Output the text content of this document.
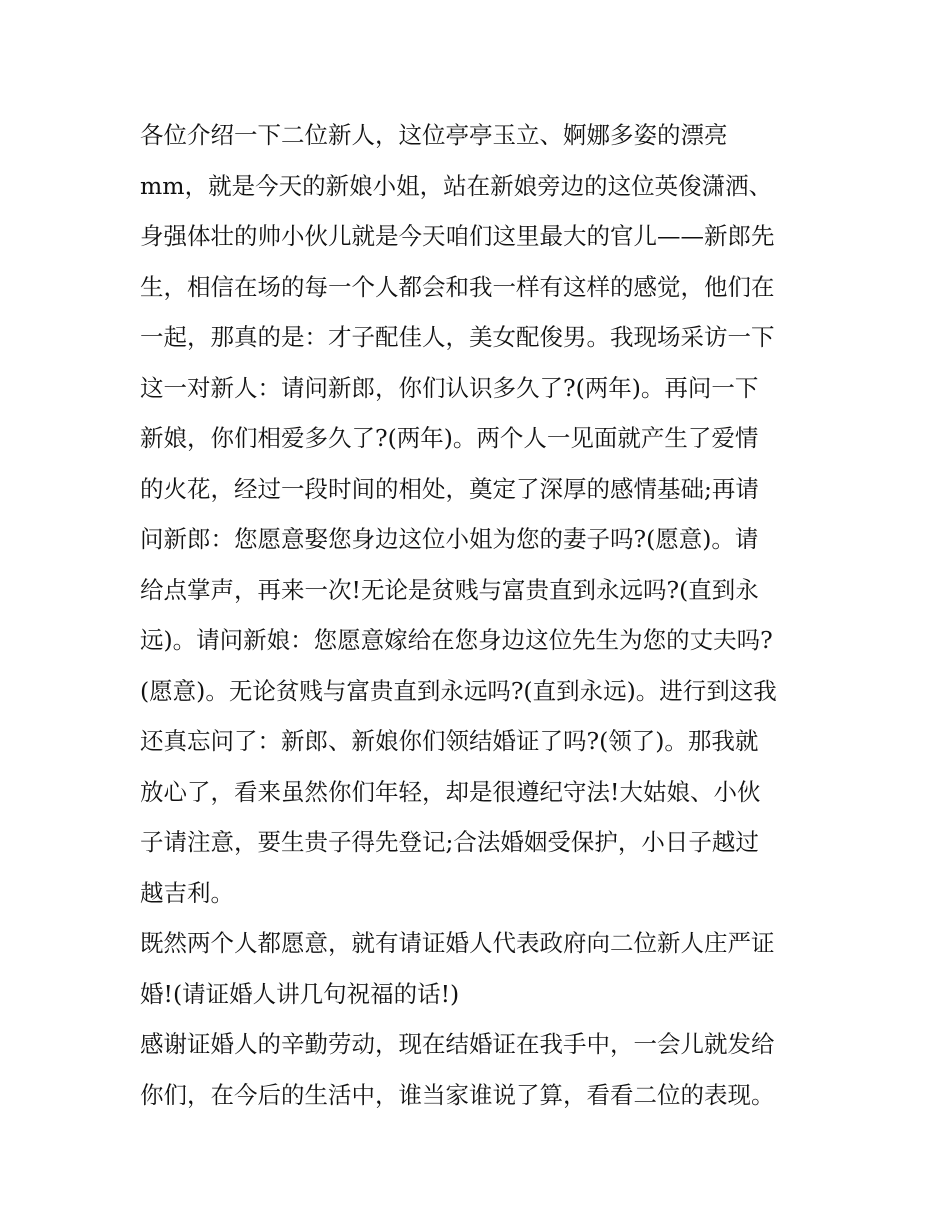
各位介绍一下二位新人，这位亭亭玉立、婀娜多姿的漂亮
mm，就是今天的新娘小姐，站在新娘旁边的这位英俊潇洒、
身强体壮的帅小伙儿就是今天咱们这里最大的官儿——新郎先
生，相信在场的每一个人都会和我一样有这样的感觉，他们在
一起，那真的是：才子配佳人，美女配俊男。我现场采访一下
这一对新人：请问新郎，你们认识多久了?(两年)。再问一下
新娘，你们相爱多久了?(两年)。两个人一见面就产生了爱情
的火花，经过一段时间的相处，奠定了深厚的感情基础;再请
问新郎：您愿意娶您身边这位小姐为您的妻子吗?(愿意)。请
给点掌声，再来一次!无论是贫贱与富贵直到永远吗?(直到永
远)。请问新娘：您愿意嫁给在您身边这位先生为您的丈夫吗?
(愿意)。无论贫贱与富贵直到永远吗?(直到永远)。进行到这我
还真忘问了：新郎、新娘你们领结婚证了吗?(领了)。那我就
放心了，看来虽然你们年轻，却是很遵纪守法!大姑娘、小伙
子请注意，要生贵子得先登记;合法婚姻受保护，小日子越过
越吉利。
既然两个人都愿意，就有请证婚人代表政府向二位新人庄严证
婚!(请证婚人讲几句祝福的话!)
感谢证婚人的辛勤劳动，现在结婚证在我手中，一会儿就发给
你们，在今后的生活中，谁当家谁说了算，看看二位的表现。
